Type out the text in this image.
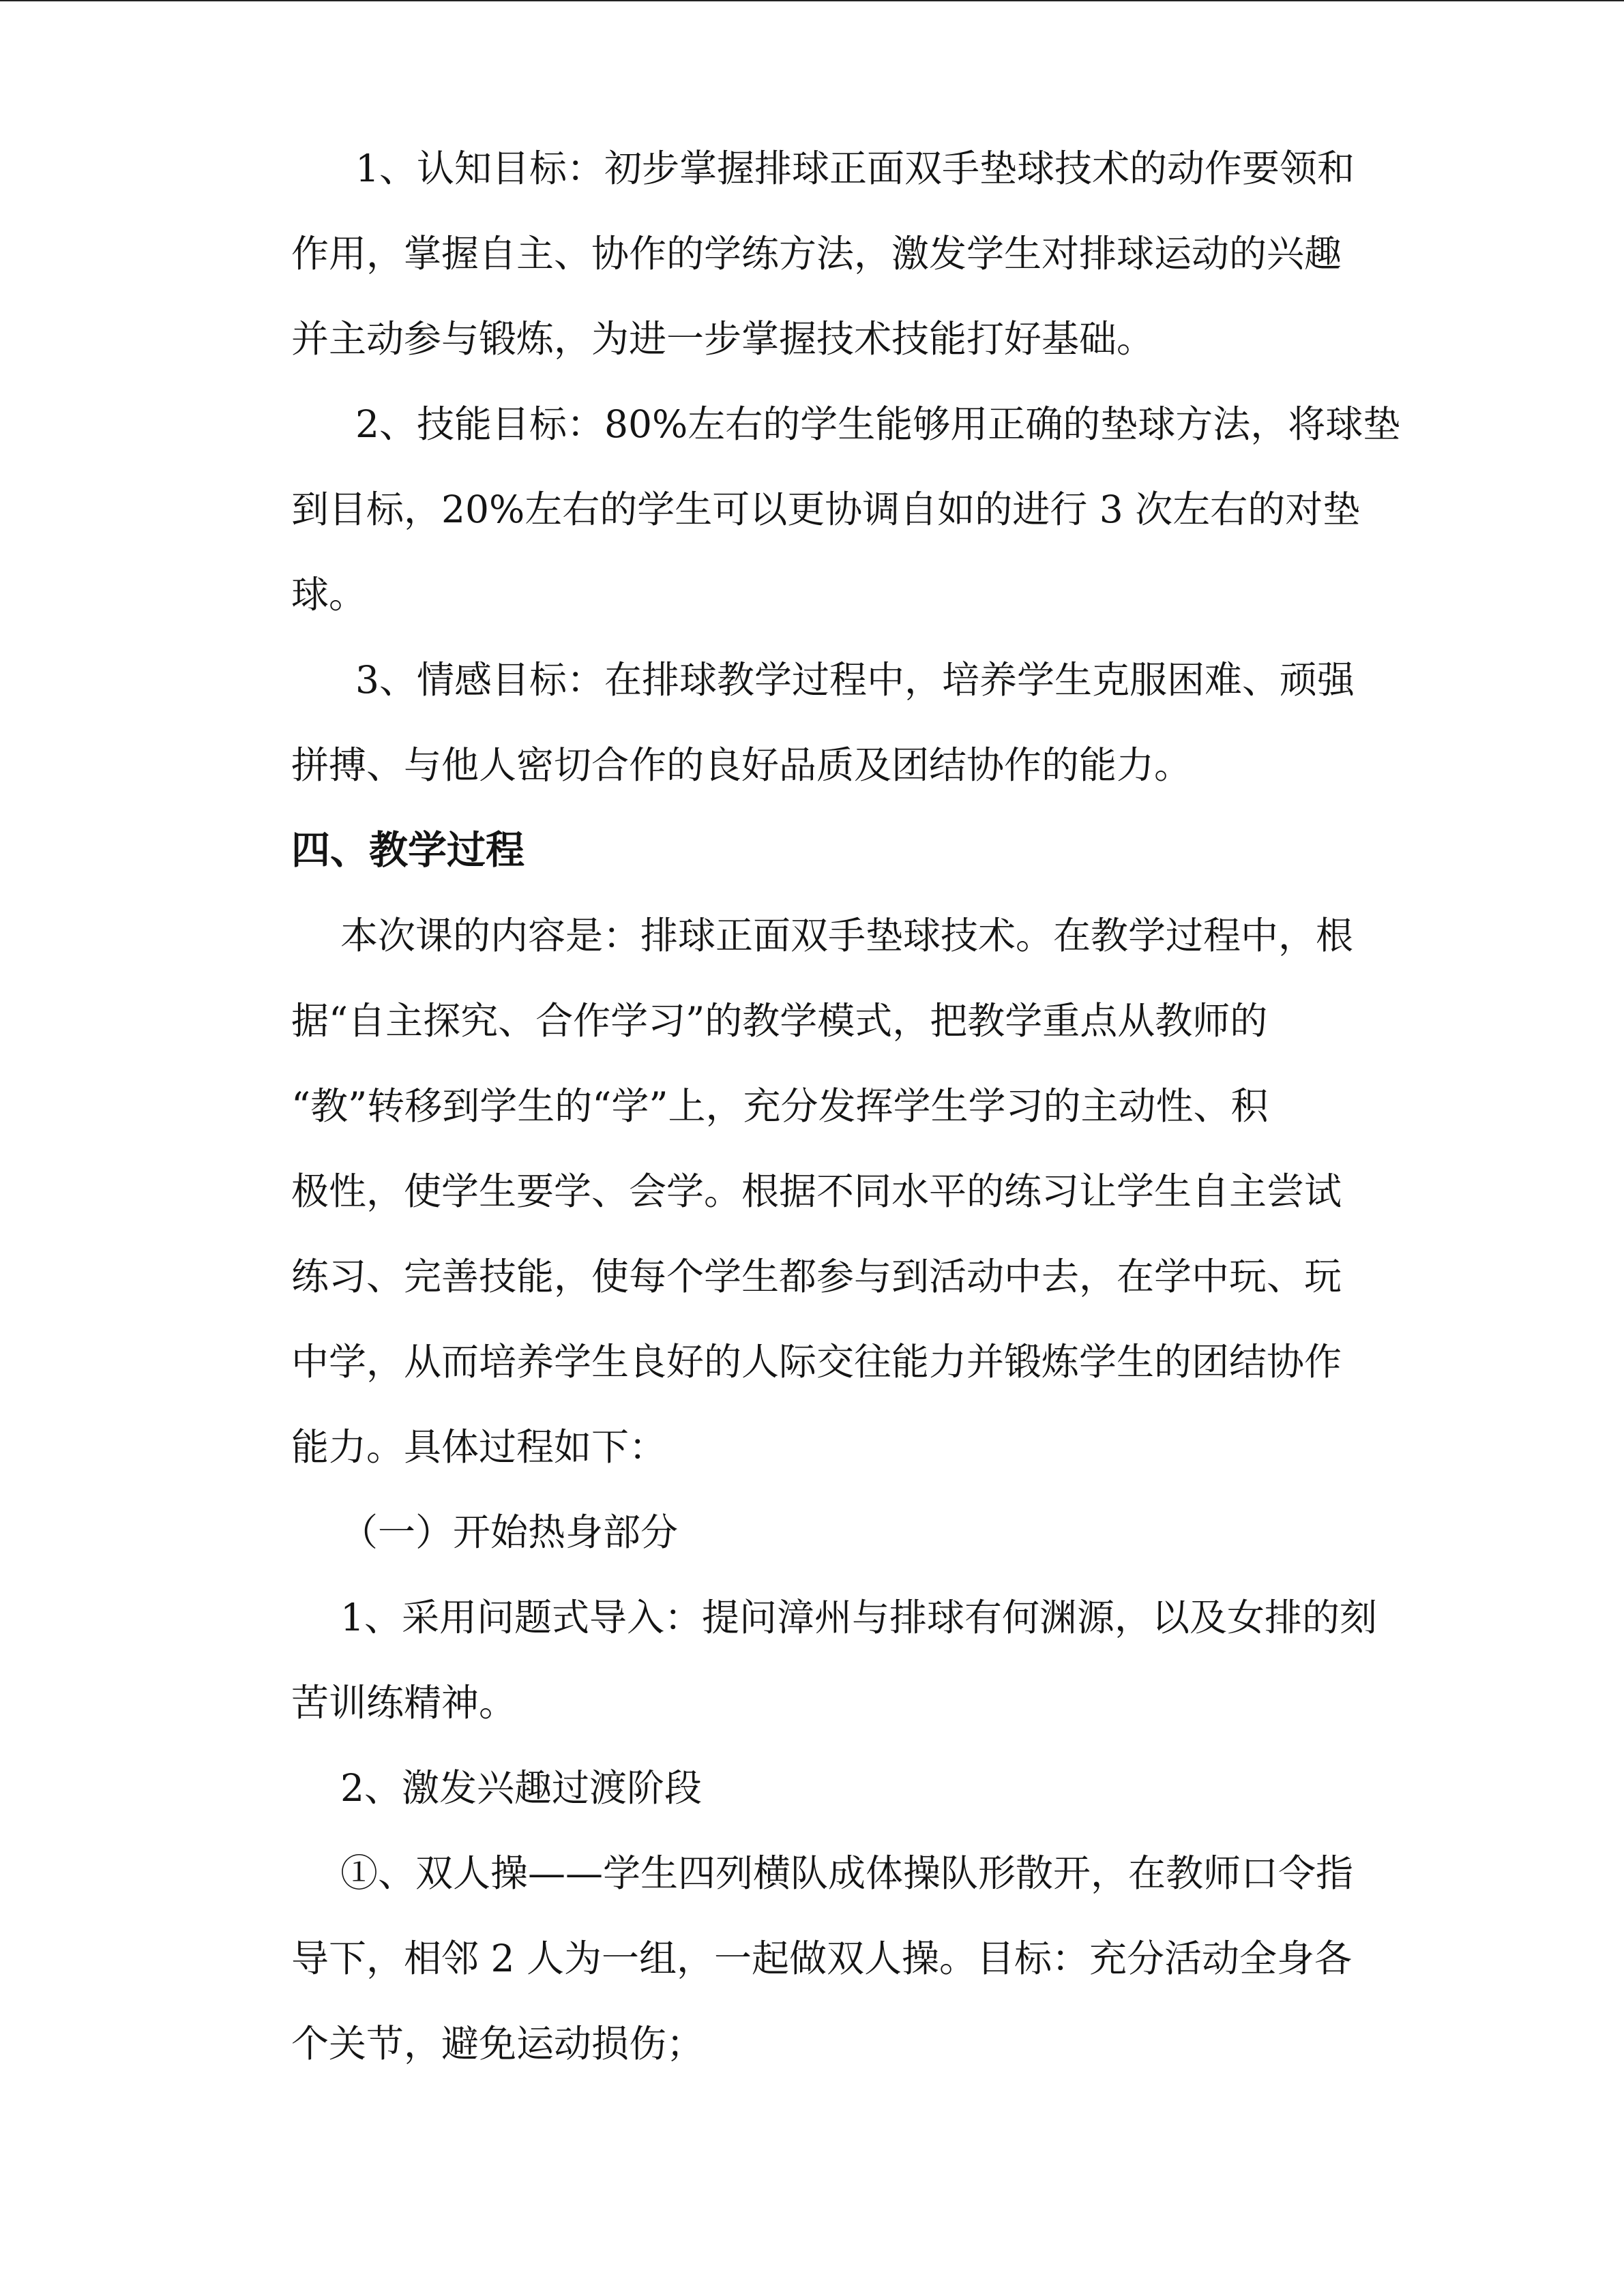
1、认知目标：初步掌握排球正面双手垫球技术的动作要领和
作用，掌握自主、协作的学练方法，激发学生对排球运动的兴趣
并主动参与锻炼，为进一步掌握技术技能打好基础。

2、技能目标：80%左右的学生能够用正确的垫球方法，将球垫
到目标，20%左右的学生可以更协调自如的进行 3 次左右的对垫
球。

3、情感目标：在排球教学过程中，培养学生克服困难、顽强
拼搏、与他人密切合作的良好品质及团结协作的能力。

四、教学过程

本次课的内容是：排球正面双手垫球技术。在教学过程中，根
据“自主探究、合作学习”的教学模式，把教学重点从教师的
“教”转移到学生的“学”上，充分发挥学生学习的主动性、积
极性，使学生要学、会学。根据不同水平的练习让学生自主尝试
练习、完善技能，使每个学生都参与到活动中去，在学中玩、玩
中学，从而培养学生良好的人际交往能力并锻炼学生的团结协作
能力。具体过程如下：

（一）开始热身部分

1、采用问题式导入：提问漳州与排球有何渊源，以及女排的刻
苦训练精神。

2、激发兴趣过渡阶段

①、双人操——学生四列横队成体操队形散开，在教师口令指
导下，相邻 2 人为一组，一起做双人操。目标：充分活动全身各
个关节，避免运动损伤；
